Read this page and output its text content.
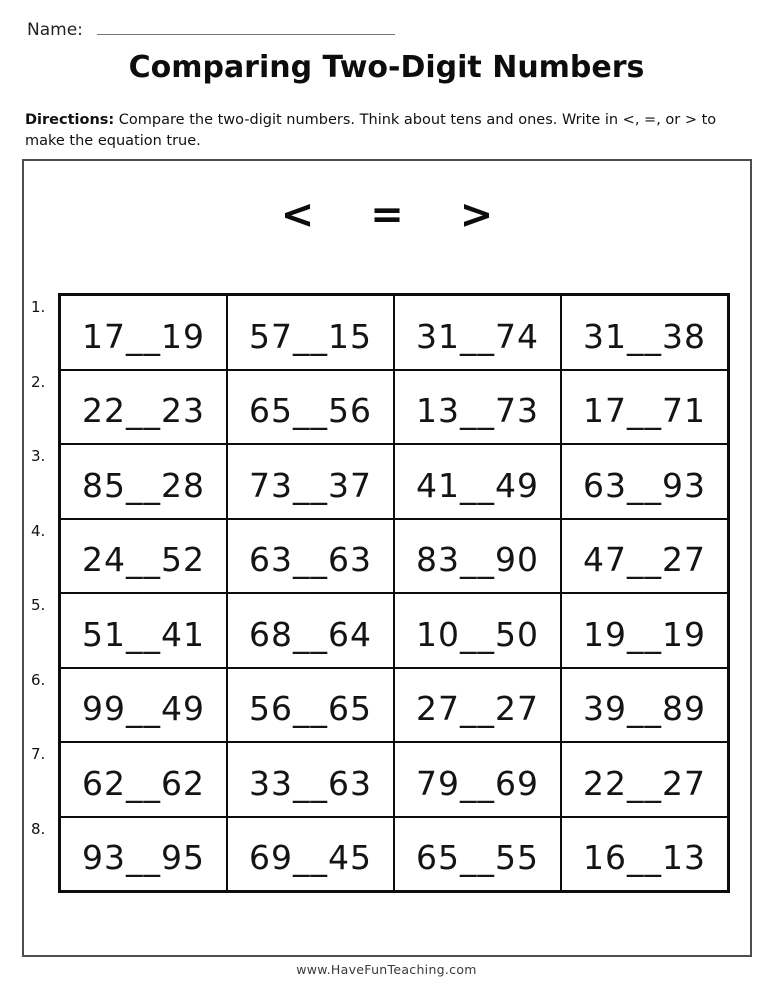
Name:
Comparing Two-Digit Numbers

Directions: Compare the two-digit numbers. Think about tens and ones. Write in <, =, or > to make the equation true.

< = >
1.
17__19	57__15	31__74	31__38
2.
22__23	65__56	13__73	17__71
3.
85__28	73__37	41__49	63__93
4.
24__52	63__63	83__90	47__27
5.
51__41	68__64	10__50	19__19
6.
99__49	56__65	27__27	39__89
7.
62__62	33__63	79__69	22__27
8.
93__95	69__45	65__55	16__13
www.HaveFunTeaching.com
